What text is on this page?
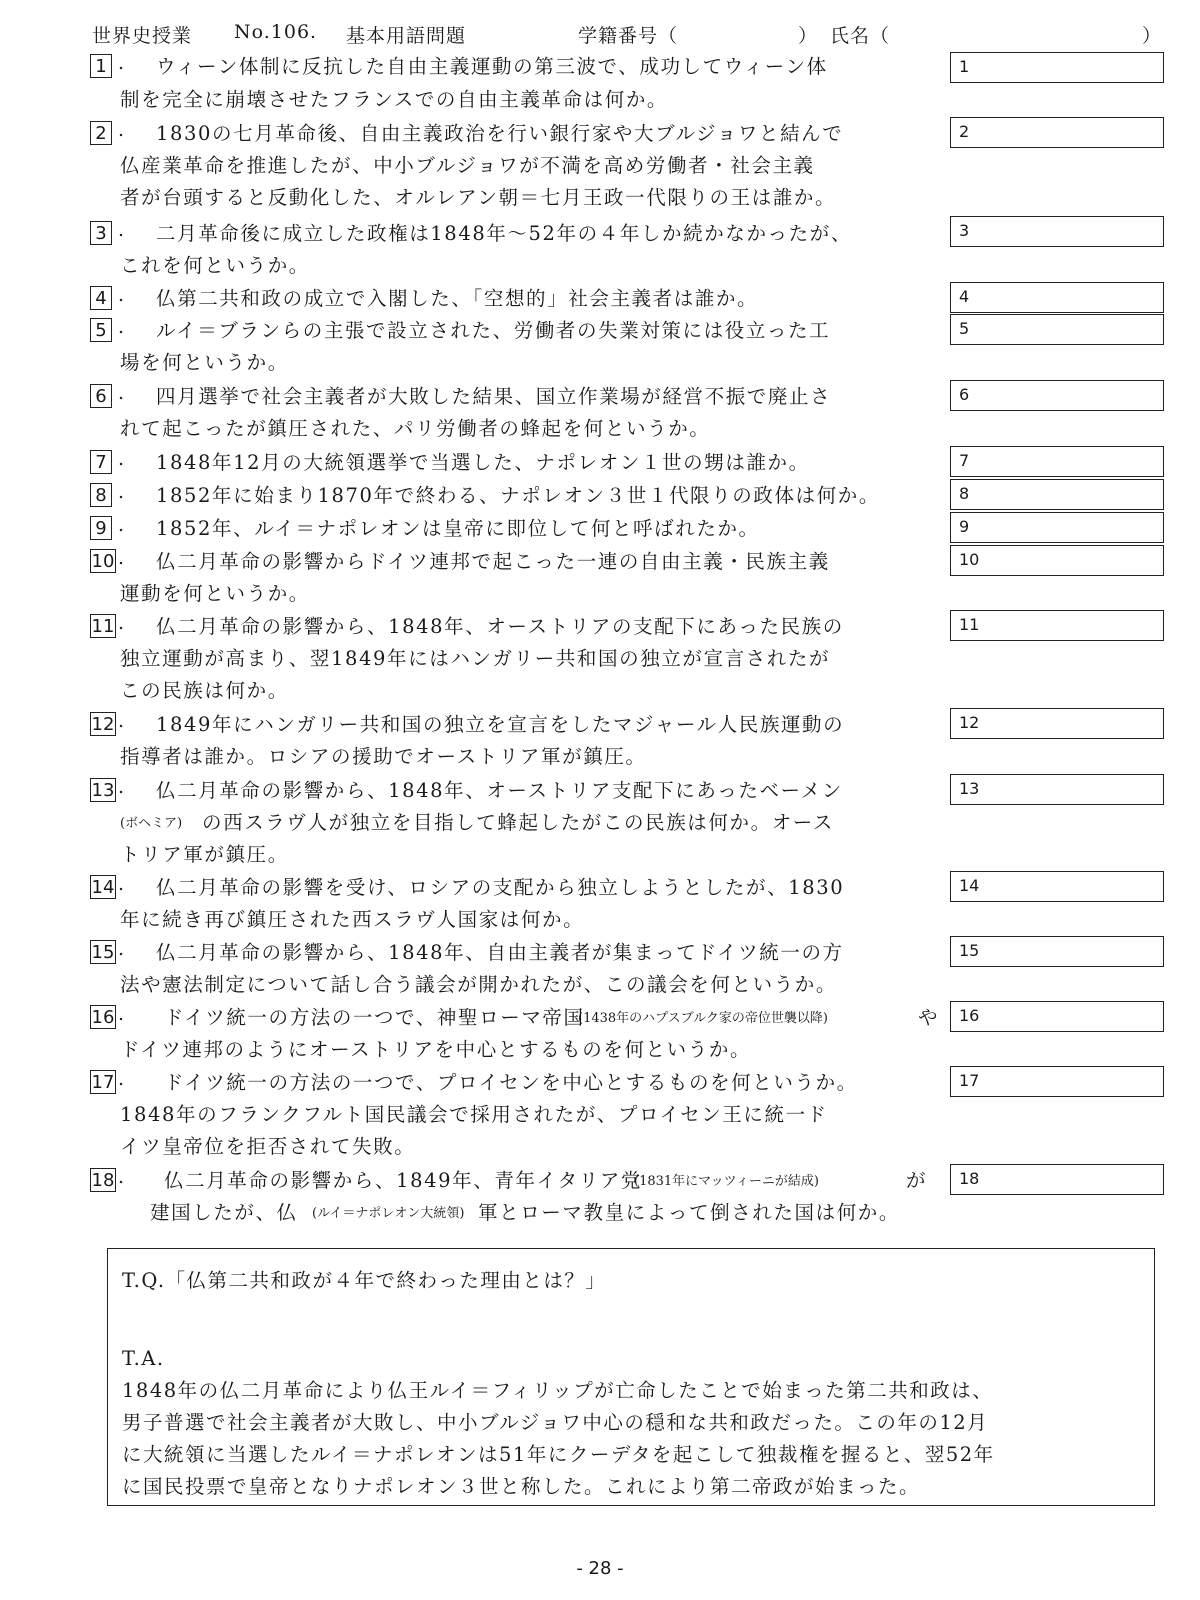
世界史授業 No.106. 基本用語問題	学籍番号（　　　　　　） 氏名（	）
1 . ウィーン体制に反抗した自由主義運動の第三波で、成功してウィーン体
制を完全に崩壊させたフランスでの自由主義革命は何か。
1
2 . 1830の七月革命後、自由主義政治を行い銀行家や大ブルジョワと結んで
仏産業革命を推進したが、中小ブルジョワが不満を高め労働者・社会主義
者が台頭すると反動化した、オルレアン朝＝七月王政一代限りの王は誰か。
2
3 . 二月革命後に成立した政権は1848年～52年の４年しか続かなかったが、
これを何というか。
3
4 . 仏第二共和政の成立で入閣した、「空想的」社会主義者は誰か。	4
5 . ルイ＝ブランらの主張で設立された、労働者の失業対策には役立った工
場を何というか。
5
6 . 四月選挙で社会主義者が大敗した結果、国立作業場が経営不振で廃止さ
れて起こったが鎮圧された、パリ労働者の蜂起を何というか。
6
7 . 1848年12月の大統領選挙で当選した、ナポレオン１世の甥は誰か。	7
8 . 1852年に始まり1870年で終わる、ナポレオン３世１代限りの政体は何か。	8
9 . 1852年、ルイ＝ナポレオンは皇帝に即位して何と呼ばれたか。	9
10 . 仏二月革命の影響からドイツ連邦で起こった一連の自由主義・民族主義
運動を何というか。
10
11 . 仏二月革命の影響から、1848年、オーストリアの支配下にあった民族の
独立運動が高まり、翌1849年にはハンガリー共和国の独立が宣言されたが
この民族は何か。
11
12 . 1849年にハンガリー共和国の独立を宣言をしたマジャール人民族運動の
指導者は誰か。ロシアの援助でオーストリア軍が鎮圧。
12
13 . 仏二月革命の影響から、1848年、オーストリア支配下にあったベーメン
(ボヘミア) の西スラヴ人が独立を目指して蜂起したがこの民族は何か。オース
トリア軍が鎮圧。
13
14 . 仏二月革命の影響を受け、ロシアの支配から独立しようとしたが、1830
年に続き再び鎮圧された西スラヴ人国家は何か。
14
15 . 仏二月革命の影響から、1848年、自由主義者が集まってドイツ統一の方
法や憲法制定について話し合う議会が開かれたが、この議会を何というか。
15
16 . ドイツ統一の方法の一つで、神聖ローマ帝国
(1438年のハプスブルク家の帝位世襲以降)	や
ドイツ連邦のようにオーストリアを中心とするものを何というか。
16
17 . ドイツ統一の方法の一つで、プロイセンを中心とするものを何というか。
1848年のフランクフルト国民議会で採用されたが、プロイセン王に統一ド
イツ皇帝位を拒否されて失敗。
17
18 . 仏二月革命の影響から、1849年、青年イタリア党
(1831年にマッツィーニが結成)	が
建国したが、仏 (ルイ＝ナポレオン大統領) 軍とローマ教皇によって倒された国は何か。
18
T.Q.「仏第二共和政が４年で終わった理由とは？」
T.A.
1848年の仏二月革命により仏王ルイ＝フィリップが亡命したことで始まった第二共和政は、
男子普選で社会主義者が大敗し、中小ブルジョワ中心の穏和な共和政だった。この年の12月
に大統領に当選したルイ＝ナポレオンは51年にクーデタを起こして独裁権を握ると、翌52年
に国民投票で皇帝となりナポレオン３世と称した。これにより第二帝政が始まった。
- 28 -
